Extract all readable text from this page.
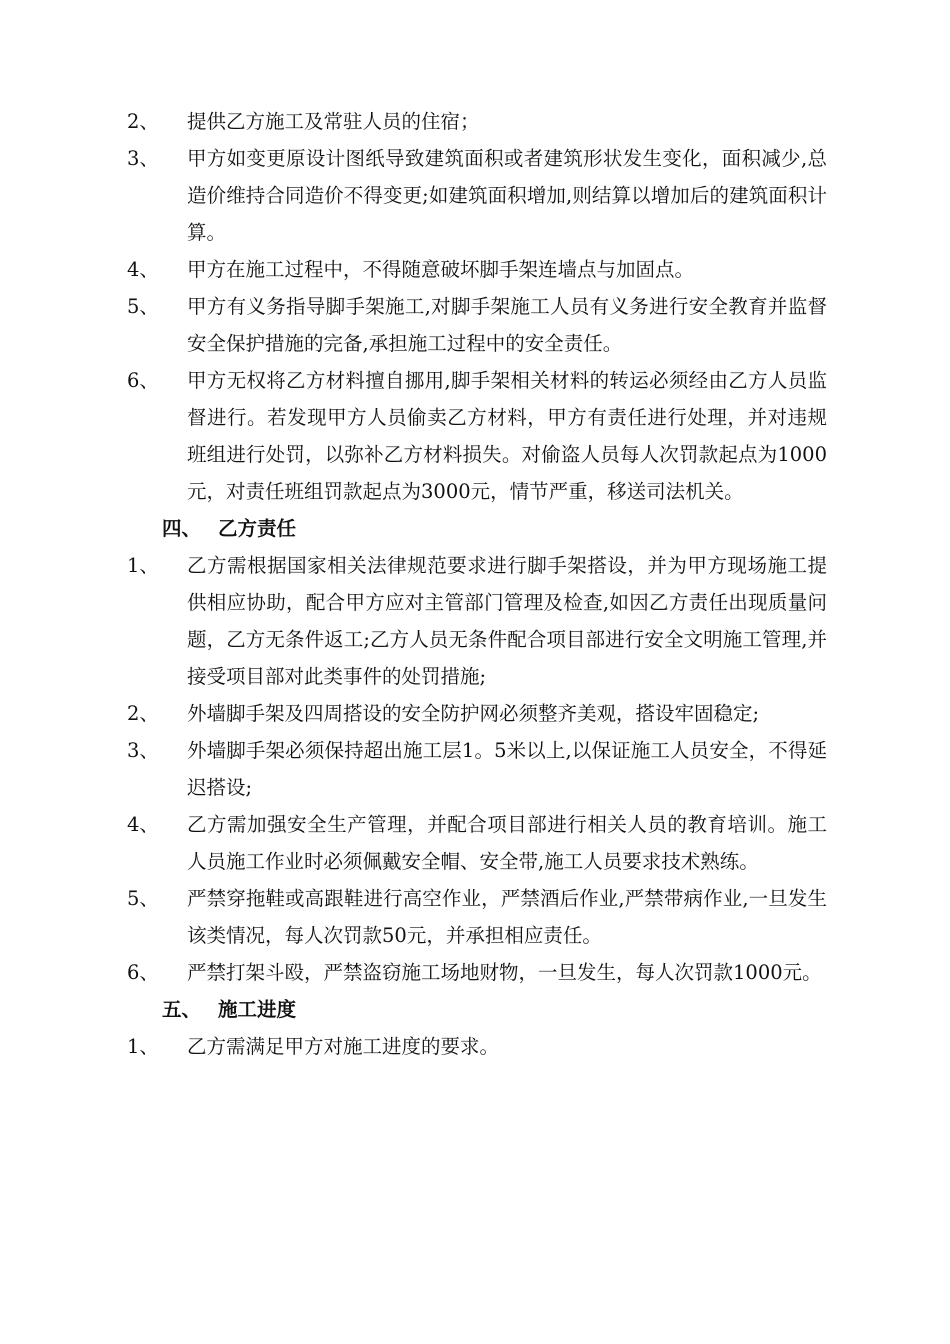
2、	提供乙方施工及常驻人员的住宿；
3、	甲方如变更原设计图纸导致建筑面积或者建筑形状发生变化，面积减少,总造价维持合同造价不得变更;如建筑面积增加,则结算以增加后的建筑面积计算。
4、	甲方在施工过程中，不得随意破坏脚手架连墙点与加固点。
5、	甲方有义务指导脚手架施工,对脚手架施工人员有义务进行安全教育并监督安全保护措施的完备,承担施工过程中的安全责任。
6、	甲方无权将乙方材料擅自挪用,脚手架相关材料的转运必须经由乙方人员监督进行。若发现甲方人员偷卖乙方材料，甲方有责任进行处理，并对违规班组进行处罚，以弥补乙方材料损失。对偷盗人员每人次罚款起点为1000元，对责任班组罚款起点为3000元，情节严重，移送司法机关。
四、 乙方责任
1、	乙方需根据国家相关法律规范要求进行脚手架搭设，并为甲方现场施工提供相应协助，配合甲方应对主管部门管理及检查,如因乙方责任出现质量问题，乙方无条件返工;乙方人员无条件配合项目部进行安全文明施工管理,并接受项目部对此类事件的处罚措施;
2、	外墙脚手架及四周搭设的安全防护网必须整齐美观，搭设牢固稳定;
3、	外墙脚手架必须保持超出施工层1。5米以上,以保证施工人员安全，不得延迟搭设;
4、	乙方需加强安全生产管理，并配合项目部进行相关人员的教育培训。施工人员施工作业时必须佩戴安全帽、安全带,施工人员要求技术熟练。
5、	严禁穿拖鞋或高跟鞋进行高空作业，严禁酒后作业,严禁带病作业,一旦发生该类情况，每人次罚款50元，并承担相应责任。
6、	严禁打架斗殴，严禁盗窃施工场地财物，一旦发生，每人次罚款1000元。
五、 施工进度
1、	乙方需满足甲方对施工进度的要求。
